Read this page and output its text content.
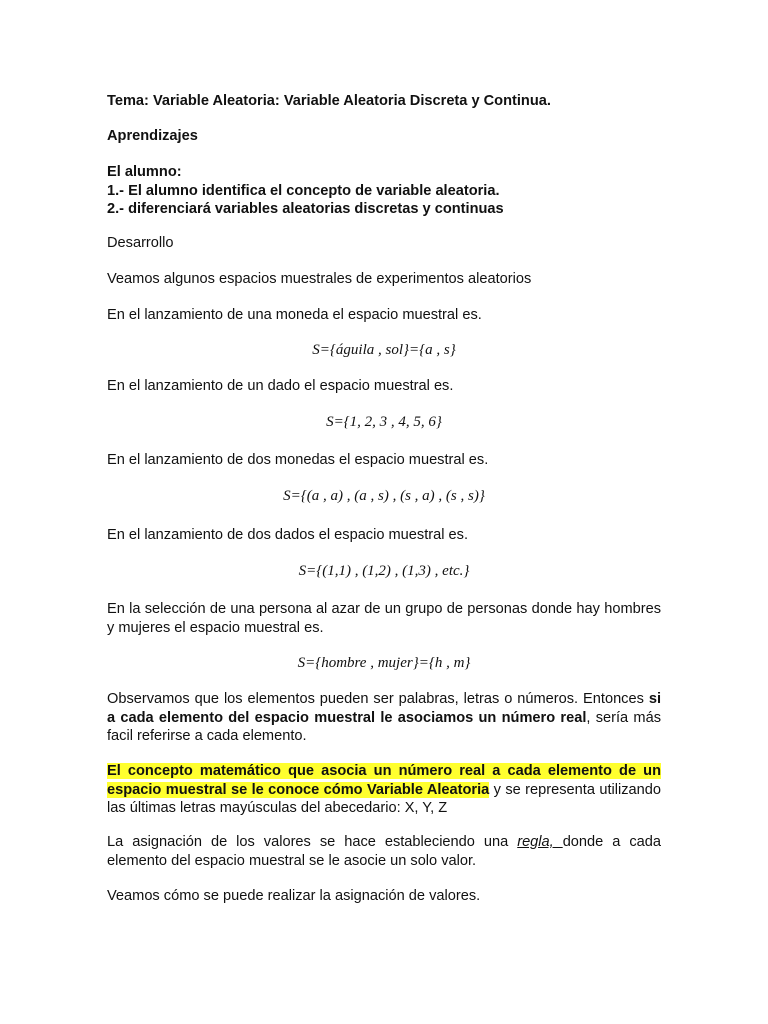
Tema: Variable Aleatoria: Variable Aleatoria Discreta y Continua.

Aprendizajes

El alumno:
1.- El alumno identifica el concepto de variable aleatoria.
2.- diferenciará variables aleatorias discretas y continuas

Desarrollo

Veamos algunos espacios muestrales de experimentos aleatorios

En el lanzamiento de una moneda el espacio muestral es.

S={águila , sol}={a , s}

En el lanzamiento de un dado el espacio muestral es.

S={1, 2, 3 , 4, 5, 6}

En el lanzamiento de dos monedas el espacio muestral es.

S={(a , a) , (a , s) , (s , a) , (s , s)}

En el lanzamiento de dos dados el espacio muestral es.

S={(1,1) , (1,2) , (1,3) , etc.}

En la selección de una persona al azar de un grupo de personas donde hay hombres y mujeres el espacio muestral es.

S={hombre , mujer}={h , m}

Observamos que los elementos pueden ser palabras, letras o números. Entonces si a cada elemento del espacio muestral le asociamos un número real, sería más facil referirse a cada elemento.

El concepto matemático que asocia un número real a cada elemento de un espacio muestral se le conoce cómo Variable Aleatoria y se representa utilizando las últimas letras mayúsculas del abecedario: X, Y, Z

La asignación de los valores se hace estableciendo una regla, donde a cada elemento del espacio muestral se le asocie un solo valor.

Veamos cómo se puede realizar la asignación de valores.
